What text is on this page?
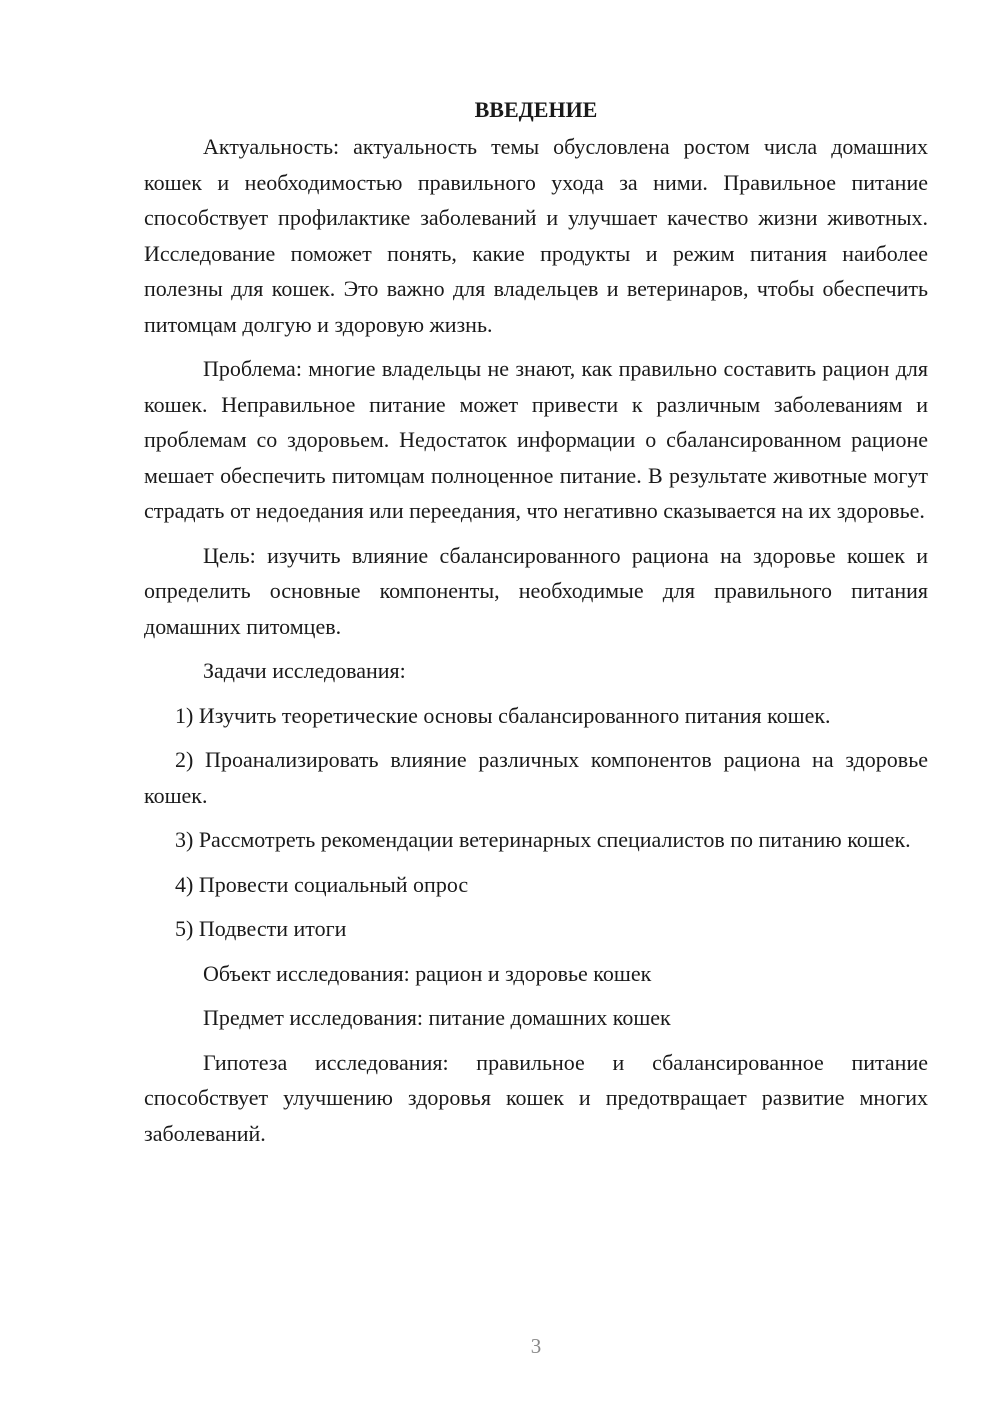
ВВЕДЕНИЕ

Актуальность: актуальность темы обусловлена ростом числа домашних кошек и необходимостью правильного ухода за ними. Правильное питание способствует профилактике заболеваний и улучшает качество жизни животных. Исследование поможет понять, какие продукты и режим питания наиболее полезны для кошек. Это важно для владельцев и ветеринаров, чтобы обеспечить питомцам долгую и здоровую жизнь.

Проблема: многие владельцы не знают, как правильно составить рацион для кошек. Неправильное питание может привести к различным заболеваниям и проблемам со здоровьем. Недостаток информации о сбалансированном рационе мешает обеспечить питомцам полноценное питание. В результате животные могут страдать от недоедания или переедания, что негативно сказывается на их здоровье.

Цель: изучить влияние сбалансированного рациона на здоровье кошек и определить основные компоненты, необходимые для правильного питания домашних питомцев.

Задачи исследования:

1) Изучить теоретические основы сбалансированного питания кошек.

2) Проанализировать влияние различных компонентов рациона на здоровье кошек.

3) Рассмотреть рекомендации ветеринарных специалистов по питанию кошек.

4) Провести социальный опрос

5) Подвести итоги

Объект исследования: рацион и здоровье кошек

Предмет исследования: питание домашних кошек

Гипотеза исследования: правильное и сбалансированное питание способствует улучшению здоровья кошек и предотвращает развитие многих заболеваний.

3
